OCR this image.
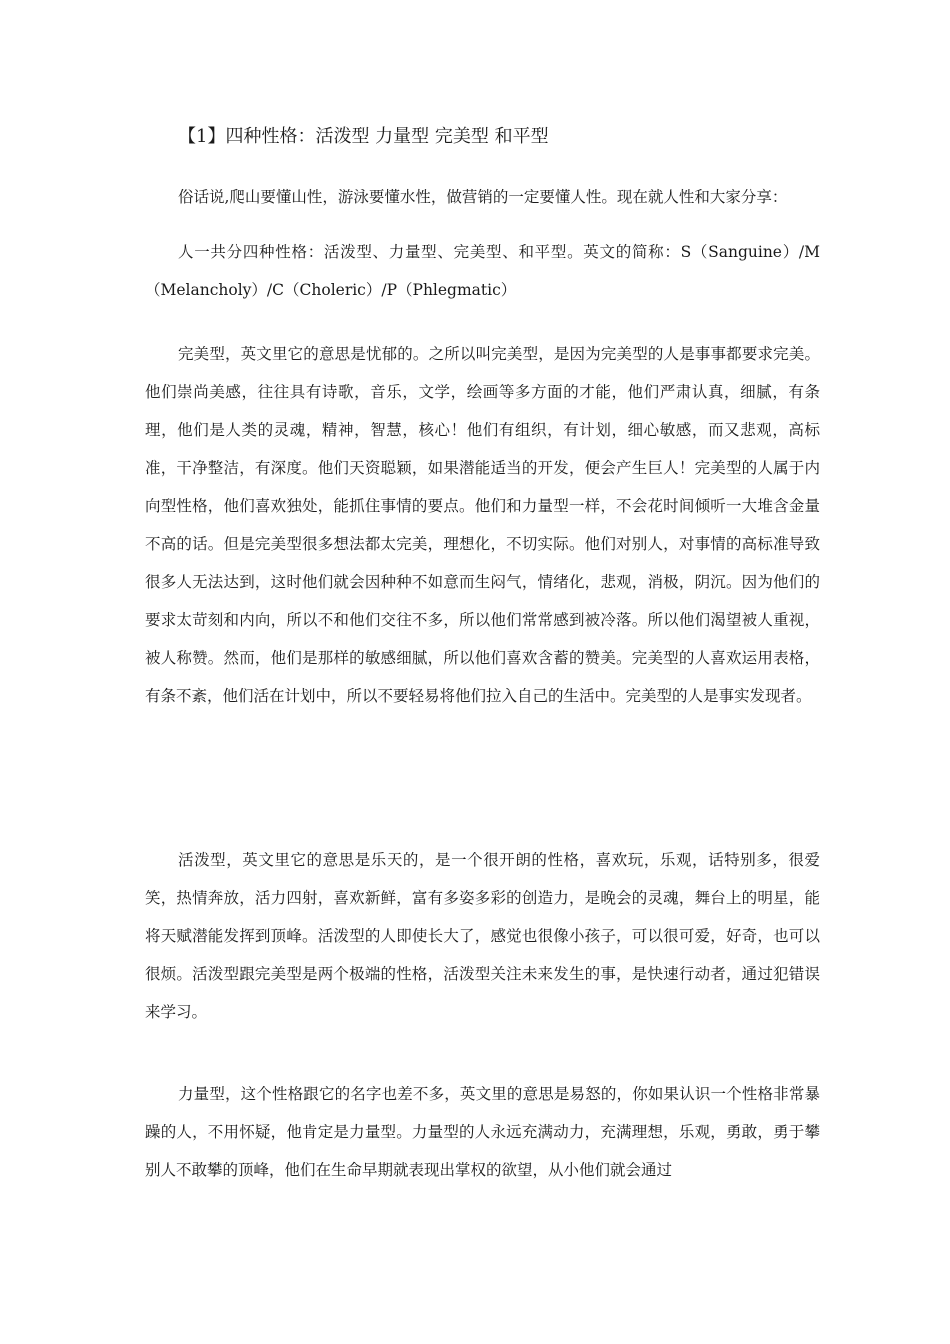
【1】四种性格：活泼型 力量型 完美型 和平型

俗话说,爬山要懂山性，游泳要懂水性，做营销的一定要懂人性。现在就人性和大家分享：

人一共分四种性格：活泼型、力量型、完美型、和平型。英文的简称：S（Sanguine）/M（Melancholy）/C（Choleric）/P（Phlegmatic）

完美型，英文里它的意思是忧郁的。之所以叫完美型，是因为完美型的人是事事都要求完美。他们崇尚美感，往往具有诗歌，音乐，文学，绘画等多方面的才能，他们严肃认真，细腻，有条理，他们是人类的灵魂，精神，智慧，核心！他们有组织，有计划，细心敏感，而又悲观，高标准，干净整洁，有深度。他们天资聪颖，如果潜能适当的开发，便会产生巨人！完美型的人属于内向型性格，他们喜欢独处，能抓住事情的要点。他们和力量型一样，不会花时间倾听一大堆含金量不高的话。但是完美型很多想法都太完美，理想化，不切实际。他们对别人，对事情的高标准导致很多人无法达到，这时他们就会因种种不如意而生闷气，情绪化，悲观，消极，阴沉。因为他们的要求太苛刻和内向，所以不和他们交往不多，所以他们常常感到被冷落。所以他们渴望被人重视，被人称赞。然而，他们是那样的敏感细腻，所以他们喜欢含蓄的赞美。完美型的人喜欢运用表格，有条不紊，他们活在计划中，所以不要轻易将他们拉入自己的生活中。完美型的人是事实发现者。

活泼型，英文里它的意思是乐天的，是一个很开朗的性格，喜欢玩，乐观，话特别多，很爱笑，热情奔放，活力四射，喜欢新鲜，富有多姿多彩的创造力，是晚会的灵魂，舞台上的明星，能将天赋潜能发挥到顶峰。活泼型的人即使长大了，感觉也很像小孩子，可以很可爱，好奇，也可以很烦。活泼型跟完美型是两个极端的性格，活泼型关注未来发生的事，是快速行动者，通过犯错误来学习。

力量型，这个性格跟它的名字也差不多，英文里的意思是易怒的，你如果认识一个性格非常暴躁的人，不用怀疑，他肯定是力量型。力量型的人永远充满动力，充满理想，乐观，勇敢，勇于攀别人不敢攀的顶峰，他们在生命早期就表现出掌权的欲望，从小他们就会通过
